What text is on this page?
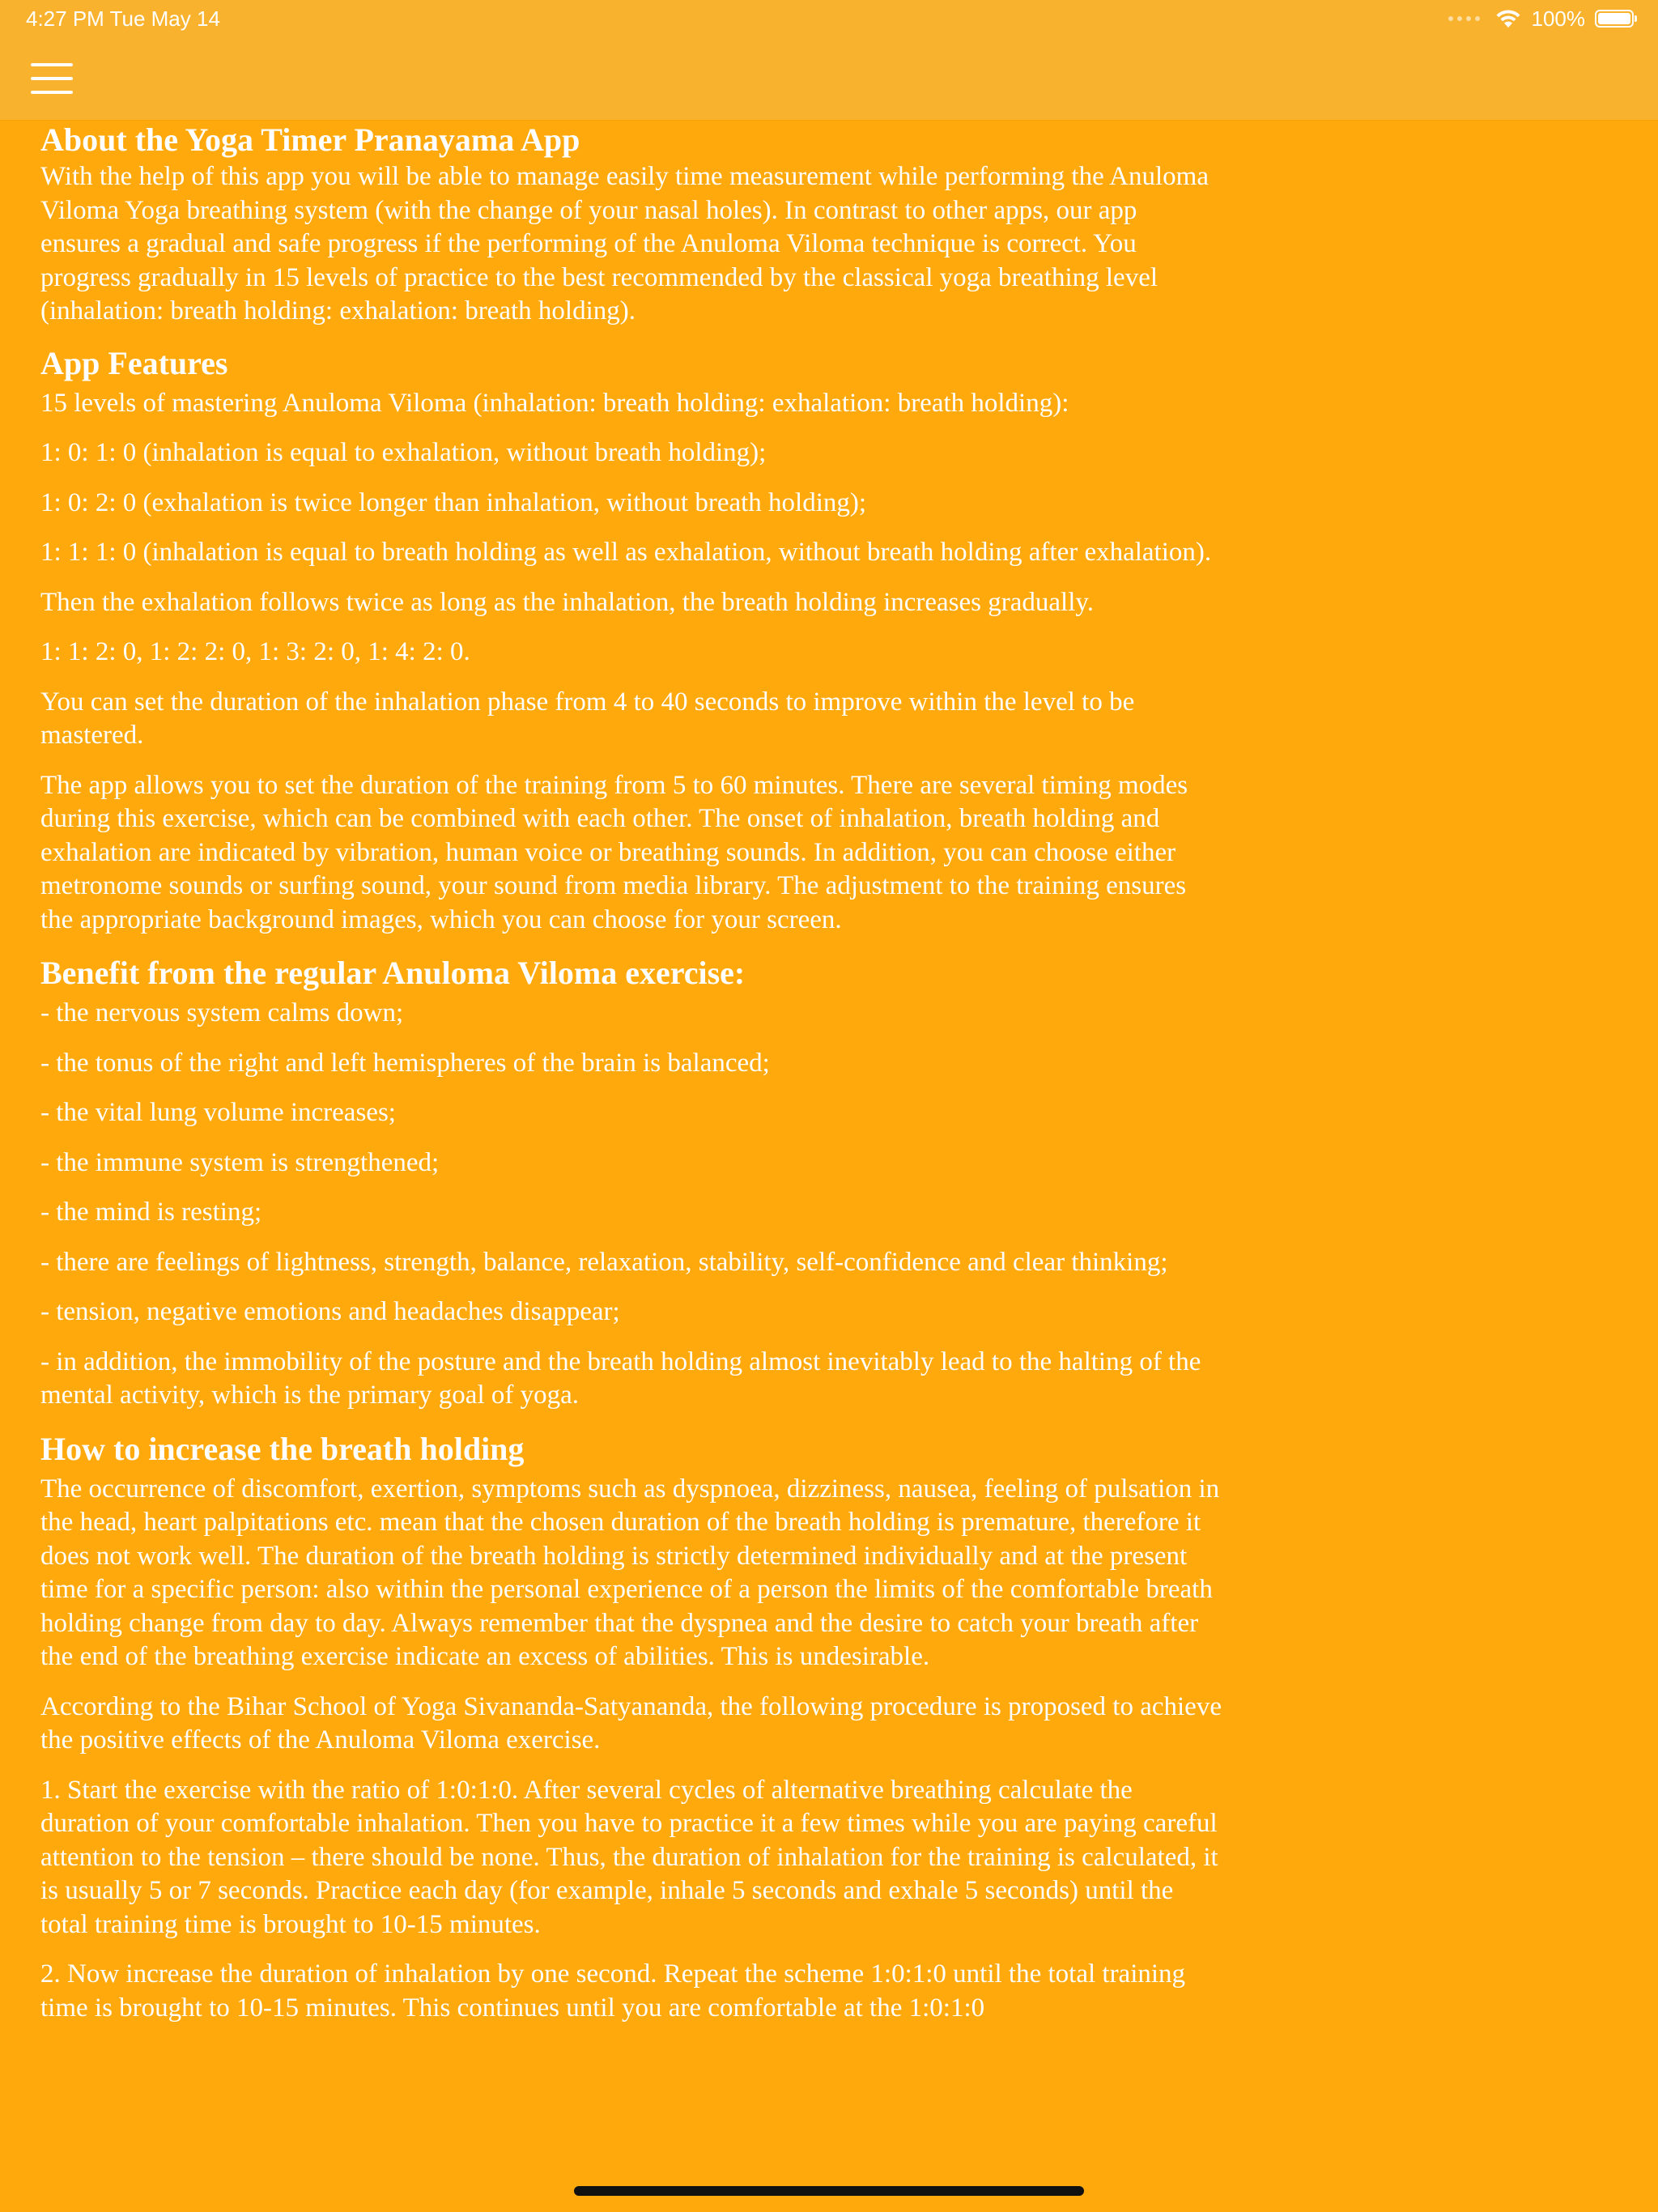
4:27 PM Tue May 14	100%
About the Yoga Timer Pranayama App

With the help of this app you will be able to manage easily time measurement while performing the Anuloma Viloma Yoga breathing system (with the change of your nasal holes). In contrast to other apps, our app ensures a gradual and safe progress if the performing of the Anuloma Viloma technique is correct. You progress gradually in 15 levels of practice to the best recommended by the classical yoga breathing level (inhalation: breath holding: exhalation: breath holding).

App Features

15 levels of mastering Anuloma Viloma (inhalation: breath holding: exhalation: breath holding):

1: 0: 1: 0 (inhalation is equal to exhalation, without breath holding);

1: 0: 2: 0 (exhalation is twice longer than inhalation, without breath holding);

1: 1: 1: 0 (inhalation is equal to breath holding as well as exhalation, without breath holding after exhalation).

Then the exhalation follows twice as long as the inhalation, the breath holding increases gradually.

1: 1: 2: 0, 1: 2: 2: 0, 1: 3: 2: 0, 1: 4: 2: 0.

You can set the duration of the inhalation phase from 4 to 40 seconds to improve within the level to be mastered.

The app allows you to set the duration of the training from 5 to 60 minutes. There are several timing modes during this exercise, which can be combined with each other. The onset of inhalation, breath holding and exhalation are indicated by vibration, human voice or breathing sounds. In addition, you can choose either metronome sounds or surfing sound, your sound from media library. The adjustment to the training ensures the appropriate background images, which you can choose for your screen.

Benefit from the regular Anuloma Viloma exercise:

- the nervous system calms down;

- the tonus of the right and left hemispheres of the brain is balanced;

- the vital lung volume increases;

- the immune system is strengthened;

- the mind is resting;

- there are feelings of lightness, strength, balance, relaxation, stability, self-confidence and clear thinking;

- tension, negative emotions and headaches disappear;

- in addition, the immobility of the posture and the breath holding almost inevitably lead to the halting of the mental activity, which is the primary goal of yoga.

How to increase the breath holding

The occurrence of discomfort, exertion, symptoms such as dyspnoea, dizziness, nausea, feeling of pulsation in the head, heart palpitations etc. mean that the chosen duration of the breath holding is premature, therefore it does not work well. The duration of the breath holding is strictly determined individually and at the present time for a specific person: also within the personal experience of a person the limits of the comfortable breath holding change from day to day. Always remember that the dyspnea and the desire to catch your breath after the end of the breathing exercise indicate an excess of abilities. This is undesirable.

According to the Bihar School of Yoga Sivananda-Satyananda, the following procedure is proposed to achieve the positive effects of the Anuloma Viloma exercise.

1. Start the exercise with the ratio of 1:0:1:0. After several cycles of alternative breathing calculate the duration of your comfortable inhalation. Then you have to practice it a few times while you are paying careful attention to the tension – there should be none. Thus, the duration of inhalation for the training is calculated, it is usually 5 or 7 seconds. Practice each day (for example, inhale 5 seconds and exhale 5 seconds) until the total training time is brought to 10-15 minutes.

2. Now increase the duration of inhalation by one second. Repeat the scheme 1:0:1:0 until the total training time is brought to 10-15 minutes. This continues until you are comfortable at the 1:0:1:0
